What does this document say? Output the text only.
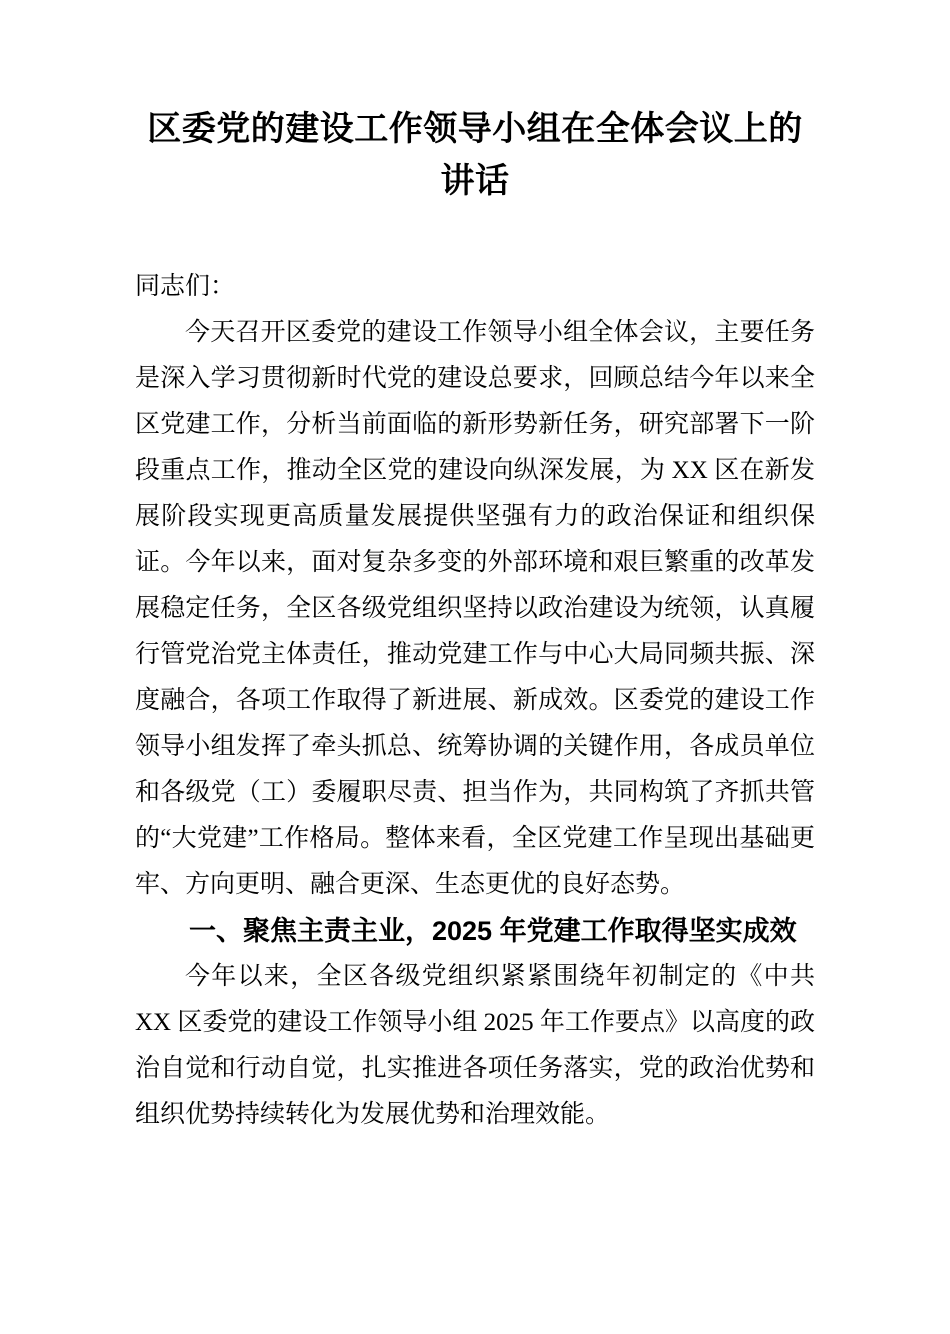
区委党的建设工作领导小组在全体会议上的讲话

同志们：

今天召开区委党的建设工作领导小组全体会议，主要任务是深入学习贯彻新时代党的建设总要求，回顾总结今年以来全区党建工作，分析当前面临的新形势新任务，研究部署下一阶段重点工作，推动全区党的建设向纵深发展，为 XX 区在新发展阶段实现更高质量发展提供坚强有力的政治保证和组织保证。今年以来，面对复杂多变的外部环境和艰巨繁重的改革发展稳定任务，全区各级党组织坚持以政治建设为统领，认真履行管党治党主体责任，推动党建工作与中心大局同频共振、深度融合，各项工作取得了新进展、新成效。区委党的建设工作领导小组发挥了牵头抓总、统筹协调的关键作用，各成员单位和各级党（工）委履职尽责、担当作为，共同构筑了齐抓共管的“大党建”工作格局。整体来看，全区党建工作呈现出基础更牢、方向更明、融合更深、生态更优的良好态势。

一、聚焦主责主业，2025 年党建工作取得坚实成效

今年以来，全区各级党组织紧紧围绕年初制定的《中共 XX 区委党的建设工作领导小组 2025 年工作要点》以高度的政治自觉和行动自觉，扎实推进各项任务落实，党的政治优势和组织优势持续转化为发展优势和治理效能。
